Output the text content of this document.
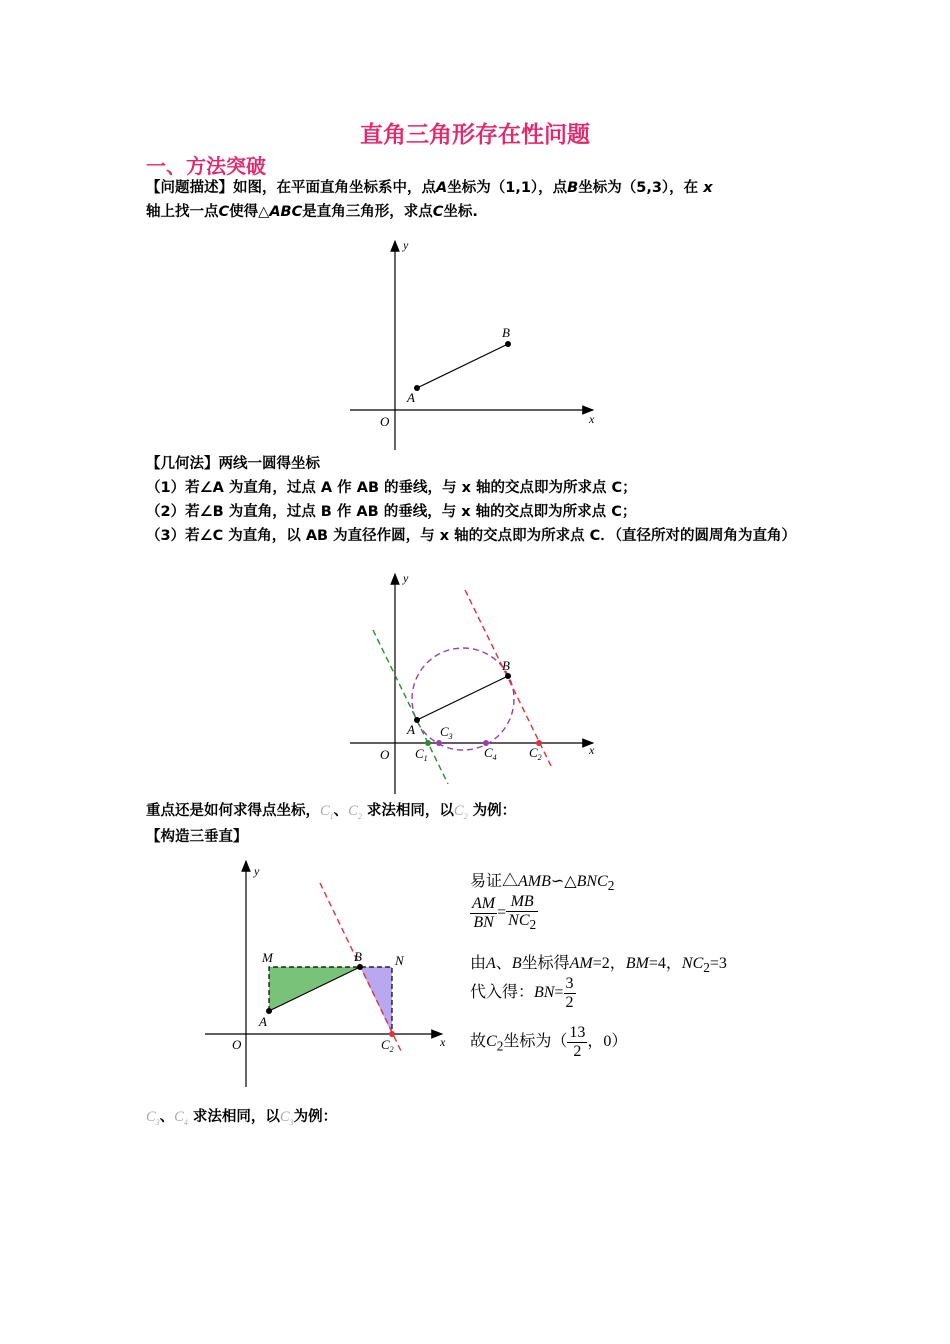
直角三角形存在性问题
一、方法突破
【问题描述】如图，在平面直角坐标系中，点A坐标为（1,1），点B坐标为（5,3），在 x
轴上找一点C使得△ABC是直角三角形，求点C坐标.
y
x
O
A
B
【几何法】两线一圆得坐标
（1）若∠A 为直角，过点 A 作 AB 的垂线，与 x 轴的交点即为所求点 C；
（2）若∠B 为直角，过点 B 作 AB 的垂线，与 x 轴的交点即为所求点 C；
（3）若∠C 为直角，以 AB 为直径作圆，与 x 轴的交点即为所求点 C．（直径所对的圆周角为直角）
y
x
O
A
B
$C_1$
$C_3$
$C_4$ $C_2$
重点还是如何求得点坐标，$C_1$、$C_2$ 求法相同，以$C_2$ 为例：
【构造三垂直】
y
x
O
A
B
M	N
$C_2$
易证$\triangle AMB∽\triangle BNC_2$
$\frac{AM}{BN} = \frac{MB}{NC_2}$
由A、B坐标得AM=2，BM=4，$NC_2=3$
代入得：$BN= \frac{3}{2}$
故$C_2$坐标为（ $\frac{13}{2}$ ，0）
$C_3$、$C_4$ 求法相同，以$C_3$为例：
